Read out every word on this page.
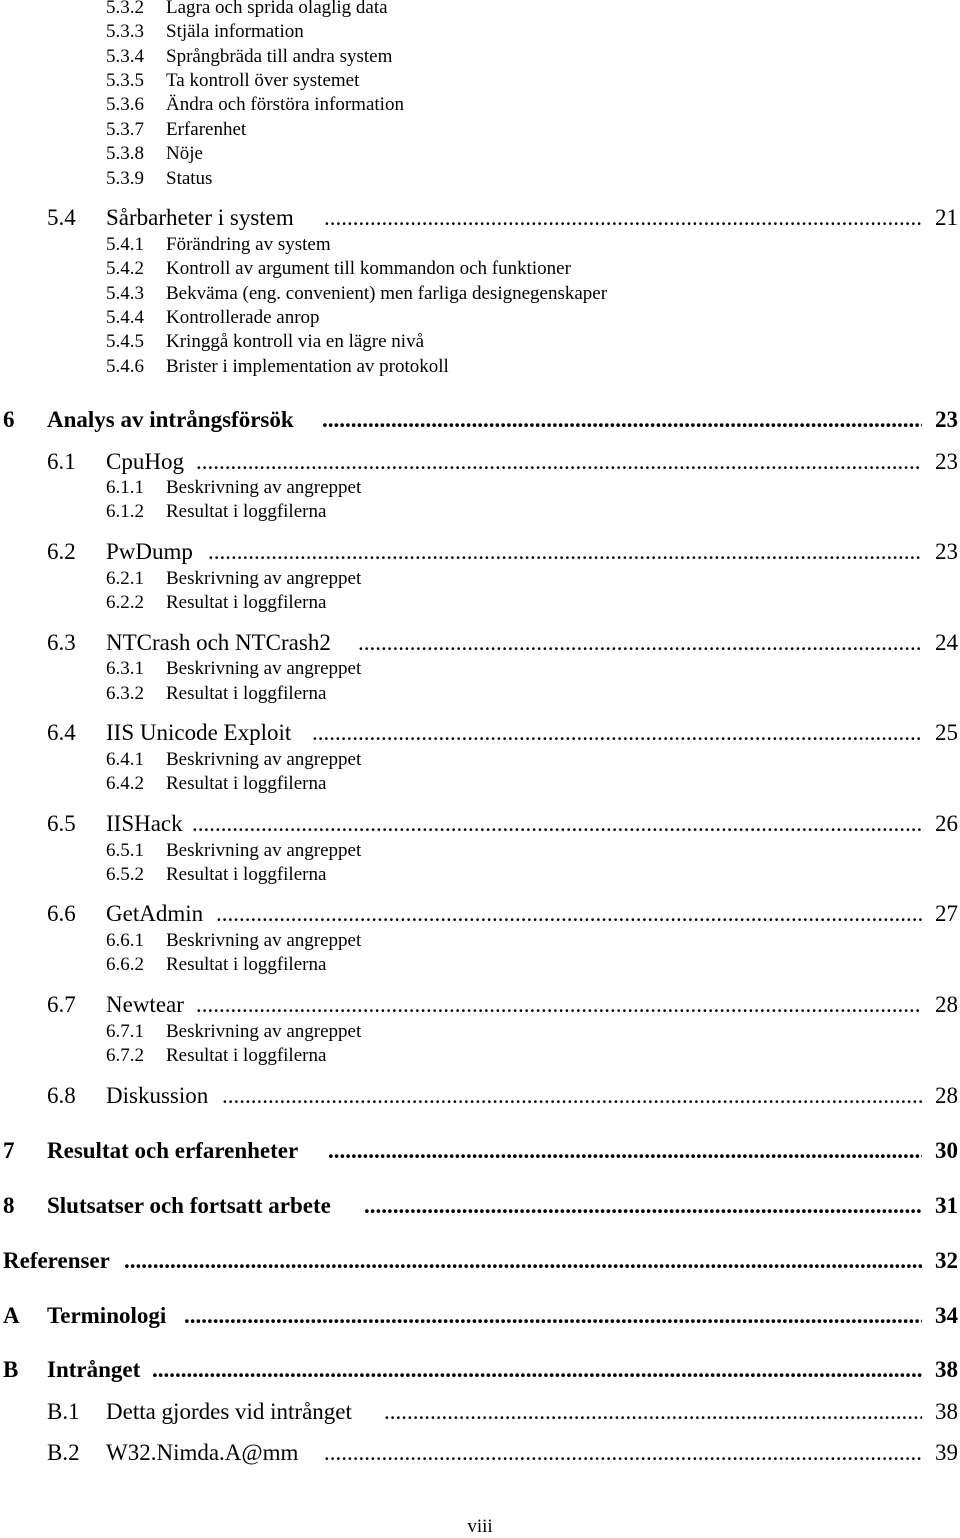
5.3.2 Lagra och sprida olaglig data
5.3.3 Stjäla information
5.3.4 Språngbräda till andra system
5.3.5 Ta kontroll över systemet
5.3.6 Ändra och förstöra information
5.3.7 Erfarenhet
5.3.8 Nöje
5.3.9 Status
5.4 Sårbarheter i system .....	21
5.4.1 Förändring av system
5.4.2 Kontroll av argument till kommandon och funktioner
5.4.3 Bekväma (eng. convenient) men farliga designegenskaper
5.4.4 Kontrollerade anrop
5.4.5 Kringgå kontroll via en lägre nivå
5.4.6 Brister i implementation av protokoll
6 Analys av intrångsförsök .....	23
6.1 CpuHog .....	23
6.1.1 Beskrivning av angreppet
6.1.2 Resultat i loggfilerna
6.2 PwDump .....	23
6.2.1 Beskrivning av angreppet
6.2.2 Resultat i loggfilerna
6.3 NTCrash och NTCrash2 .....	24
6.3.1 Beskrivning av angreppet
6.3.2 Resultat i loggfilerna
6.4 IIS Unicode Exploit .....	25
6.4.1 Beskrivning av angreppet
6.4.2 Resultat i loggfilerna
6.5 IISHack .....	26
6.5.1 Beskrivning av angreppet
6.5.2 Resultat i loggfilerna
6.6 GetAdmin .....	27
6.6.1 Beskrivning av angreppet
6.6.2 Resultat i loggfilerna
6.7 Newtear .....	28
6.7.1 Beskrivning av angreppet
6.7.2 Resultat i loggfilerna
6.8 Diskussion .....	28
7 Resultat och erfarenheter .....	30
8 Slutsatser och fortsatt arbete .....	31
Referenser .....	32
A Terminologi .....	34
B Intrånget .....	38
B.1 Detta gjordes vid intrånget .....	38
B.2 W32.Nimda.A@mm .....	39
viii
